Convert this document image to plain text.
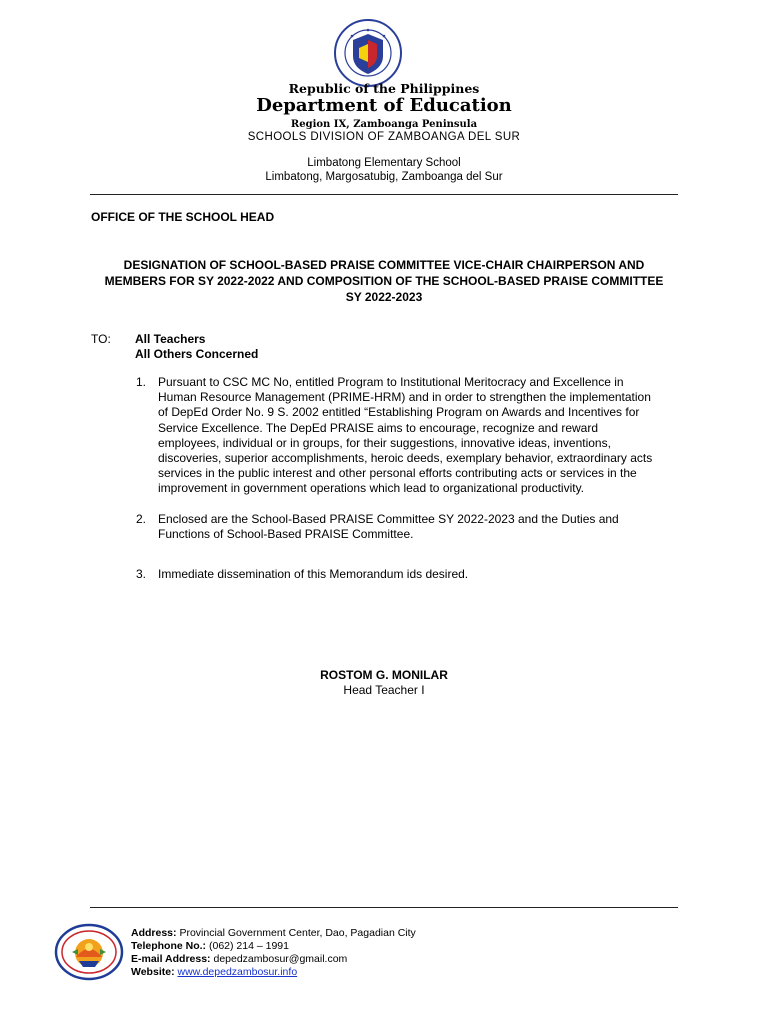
Republic of the Philippines
Department of Education
Region IX, Zamboanga Peninsula
SCHOOLS DIVISION OF ZAMBOANGA DEL SUR
Limbatong Elementary School
Limbatong, Margosatubig, Zamboanga del Sur
OFFICE OF THE SCHOOL HEAD
DESIGNATION OF SCHOOL-BASED PRAISE COMMITTEE VICE-CHAIR CHAIRPERSON AND
MEMBERS FOR SY 2022-2022 AND COMPOSITION OF THE SCHOOL-BASED PRAISE COMMITTEE
SY 2022-2023
TO: All Teachers
All Others Concerned
1. Pursuant to CSC MC No, entitled Program to Institutional Meritocracy and Excellence in
Human Resource Management (PRIME-HRM) and in order to strengthen the implementation
of DepEd Order No. 9 S. 2002 entitled “Establishing Program on Awards and Incentives for
Service Excellence. The DepEd PRAISE aims to encourage, recognize and reward
employees, individual or in groups, for their suggestions, innovative ideas, inventions,
discoveries, superior accomplishments, heroic deeds, exemplary behavior, extraordinary acts
services in the public interest and other personal efforts contributing acts or services in the
improvement in government operations which lead to organizational productivity.
2. Enclosed are the School-Based PRAISE Committee SY 2022-2023 and the Duties and
Functions of School-Based PRAISE Committee.
3. Immediate dissemination of this Memorandum ids desired.
ROSTOM G. MONILAR
Head Teacher I
Address: Provincial Government Center, Dao, Pagadian City
Telephone No.: (062) 214 – 1991
E-mail Address: depedzambosur@gmail.com
Website: www.depedzambosur.info
